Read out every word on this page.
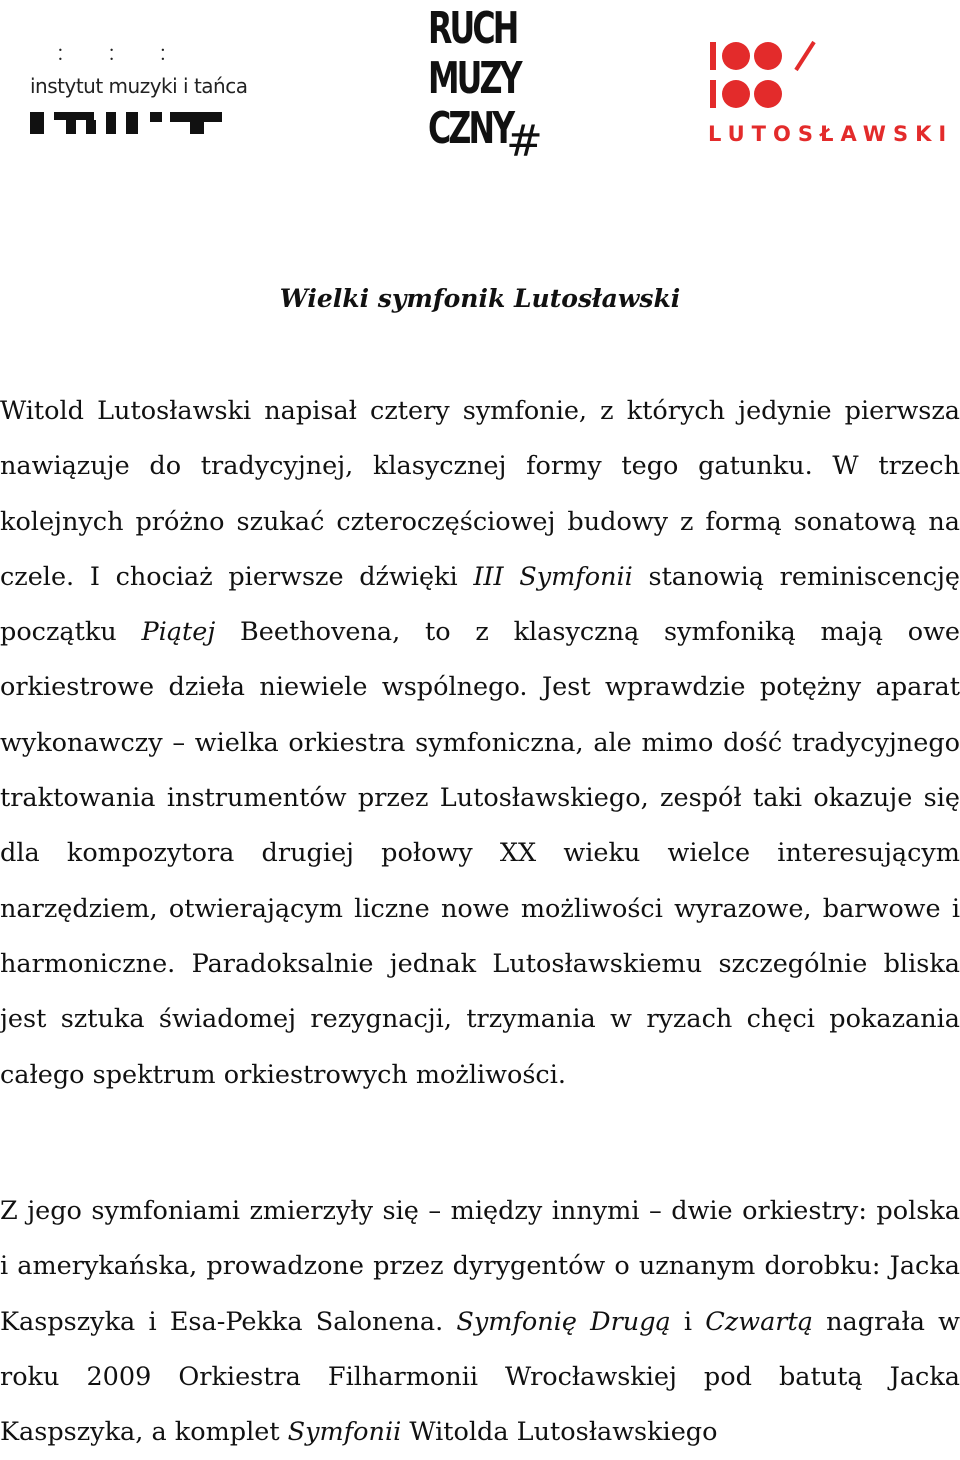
• • • • • •
instytut muzyki i tańca
RUCH
MUZY
CZNY
#	LUTOSŁAWSKI
Wielki symfonik Lutosławski

Witold Lutosławski napisał cztery symfonie, z których jedynie pierwsza nawiązuje do tradycyjnej, klasycznej formy tego gatunku. W trzech kolejnych próżno szukać czteroczęściowej budowy z formą sonatową na czele. I chociaż pierwsze dźwięki III Symfonii stanowią reminiscencję początku Piątej Beethovena, to z klasyczną symfoniką mają owe orkiestrowe dzieła niewiele wspólnego. Jest wprawdzie potężny aparat wykonawczy – wielka orkiestra symfoniczna, ale mimo dość tradycyjnego traktowania instrumentów przez Lutosławskiego, zespół taki okazuje się dla kompozytora drugiej połowy XX wieku wielce interesującym narzędziem, otwierającym liczne nowe możliwości wyrazowe, barwowe i harmoniczne. Paradoksalnie jednak Lutosławskiemu szczególnie bliska jest sztuka świadomej rezygnacji, trzymania w ryzach chęci pokazania całego spektrum orkiestrowych możliwości.

Z jego symfoniami zmierzyły się – między innymi – dwie orkiestry: polska i amerykańska, prowadzone przez dyrygentów o uznanym dorobku: Jacka Kaspszyka i Esa-Pekka Salonena. Symfonię Drugą i Czwartą nagrała w roku 2009 Orkiestra Filharmonii Wrocławskiej pod batutą Jacka Kaspszyka, a komplet Symfonii Witolda Lutosławskiego
